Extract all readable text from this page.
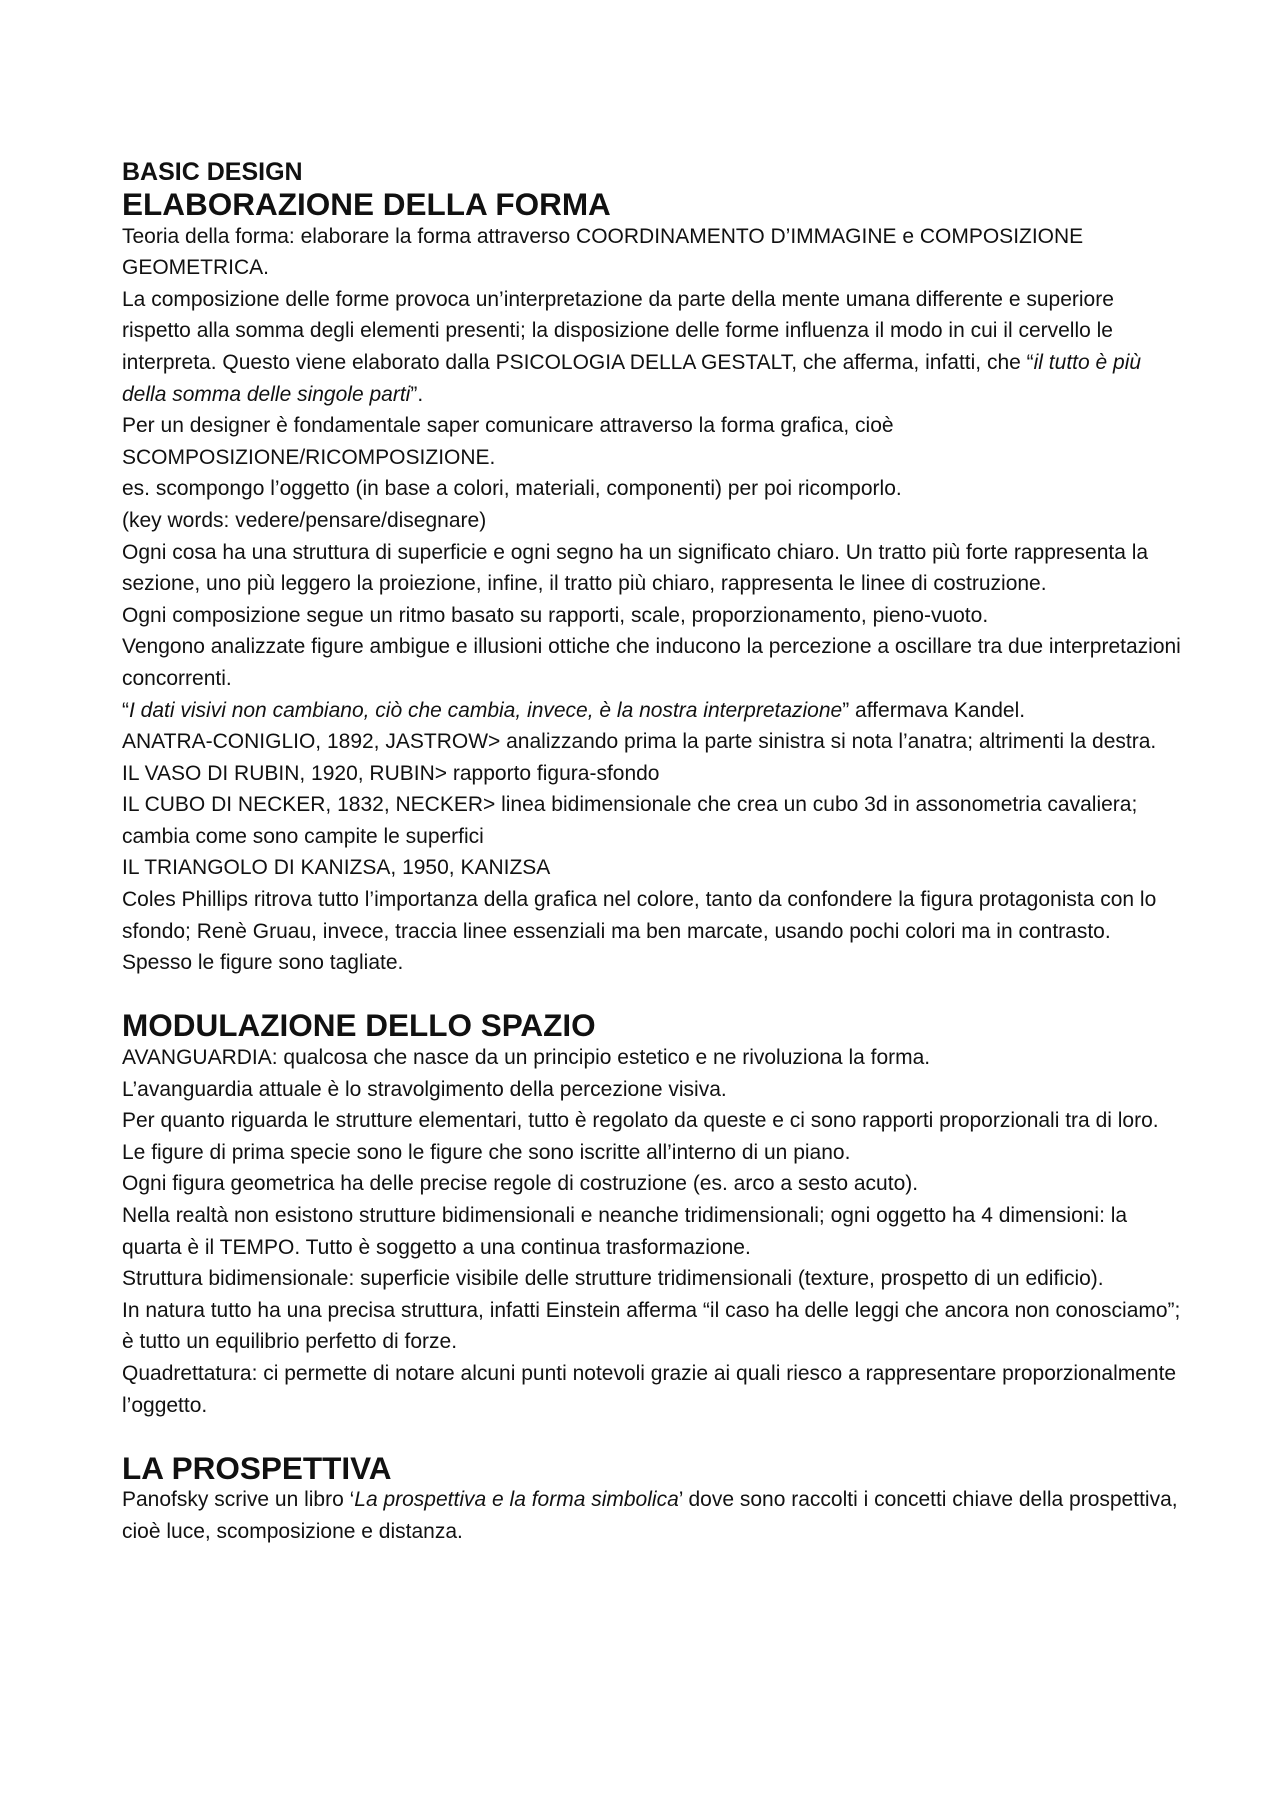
BASIC DESIGN
ELABORAZIONE DELLA FORMA

Teoria della forma: elaborare la forma attraverso COORDINAMENTO D’IMMAGINE e COMPOSIZIONE GEOMETRICA.

La composizione delle forme provoca un’interpretazione da parte della mente umana differente e superiore rispetto alla somma degli elementi presenti; la disposizione delle forme influenza il modo in cui il cervello le interpreta. Questo viene elaborato dalla PSICOLOGIA DELLA GESTALT, che afferma, infatti, che “il tutto è più della somma delle singole parti”.

Per un designer è fondamentale saper comunicare attraverso la forma grafica, cioè SCOMPOSIZIONE/RICOMPOSIZIONE.

es. scompongo l’oggetto (in base a colori, materiali, componenti) per poi ricomporlo.

(key words: vedere/pensare/disegnare)

Ogni cosa ha una struttura di superficie e ogni segno ha un significato chiaro. Un tratto più forte rappresenta la sezione, uno più leggero la proiezione, infine, il tratto più chiaro, rappresenta le linee di costruzione.

Ogni composizione segue un ritmo basato su rapporti, scale, proporzionamento, pieno-vuoto.

Vengono analizzate figure ambigue e illusioni ottiche che inducono la percezione a oscillare tra due interpretazioni concorrenti.

“I dati visivi non cambiano, ciò che cambia, invece, è la nostra interpretazione” affermava Kandel.

ANATRA-CONIGLIO, 1892, JASTROW> analizzando prima la parte sinistra si nota l’anatra; altrimenti la destra.

IL VASO DI RUBIN, 1920, RUBIN> rapporto figura-sfondo

IL CUBO DI NECKER, 1832, NECKER> linea bidimensionale che crea un cubo 3d in assonometria cavaliera; cambia come sono campite le superfici

IL TRIANGOLO DI KANIZSA, 1950, KANIZSA

Coles Phillips ritrova tutto l’importanza della grafica nel colore, tanto da confondere la figura protagonista con lo sfondo; Renè Gruau, invece, traccia linee essenziali ma ben marcate, usando pochi colori ma in contrasto. Spesso le figure sono tagliate.

MODULAZIONE DELLO SPAZIO

AVANGUARDIA: qualcosa che nasce da un principio estetico e ne rivoluziona la forma.

L’avanguardia attuale è lo stravolgimento della percezione visiva.

Per quanto riguarda le strutture elementari, tutto è regolato da queste e ci sono rapporti proporzionali tra di loro.

Le figure di prima specie sono le figure che sono iscritte all’interno di un piano.

Ogni figura geometrica ha delle precise regole di costruzione (es. arco a sesto acuto).

Nella realtà non esistono strutture bidimensionali e neanche tridimensionali; ogni oggetto ha 4 dimensioni: la quarta è il TEMPO. Tutto è soggetto a una continua trasformazione.

Struttura bidimensionale: superficie visibile delle strutture tridimensionali (texture, prospetto di un edificio).

In natura tutto ha una precisa struttura, infatti Einstein afferma “il caso ha delle leggi che ancora non conosciamo”; è tutto un equilibrio perfetto di forze.

Quadrettatura: ci permette di notare alcuni punti notevoli grazie ai quali riesco a rappresentare proporzionalmente l’oggetto.

LA PROSPETTIVA

Panofsky scrive un libro ‘La prospettiva e la forma simbolica’ dove sono raccolti i concetti chiave della prospettiva, cioè luce, scomposizione e distanza.
